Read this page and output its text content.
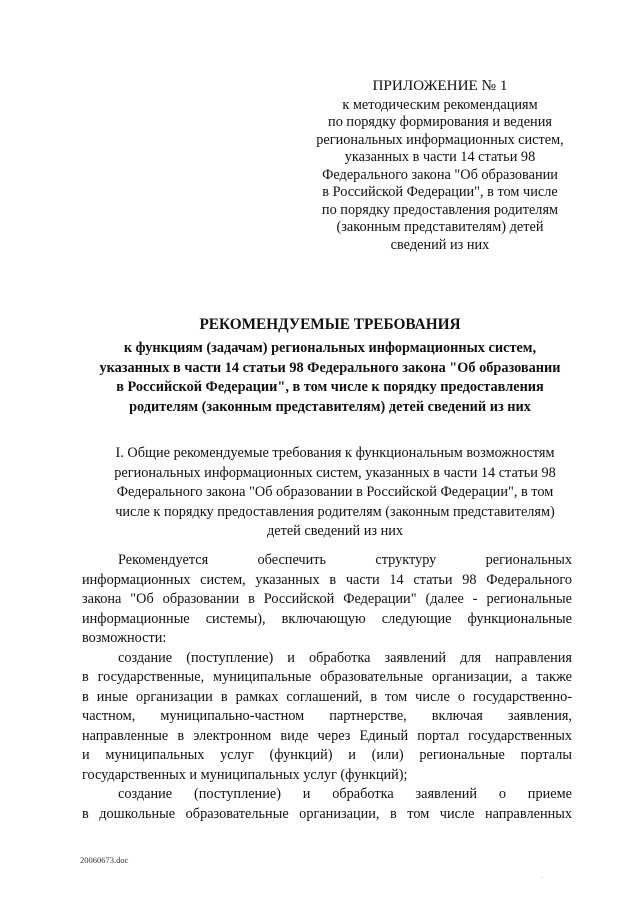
ПРИЛОЖЕНИЕ № 1
к методическим рекомендациям
по порядку формирования и ведения
региональных информационных систем,
указанных в части 14 статьи 98
Федерального закона "Об образовании
в Российской Федерации", в том числе
по порядку предоставления родителям
(законным представителям) детей
сведений из них
РЕКОМЕНДУЕМЫЕ ТРЕБОВАНИЯ
к функциям (задачам) региональных информационных систем,
указанных в части 14 статьи 98 Федерального закона "Об образовании
в Российской Федерации", в том числе к порядку предоставления
родителям (законным представителям) детей сведений из них
I. Общие рекомендуемые требования к функциональным возможностям
региональных информационных систем, указанных в части 14 статьи 98
Федерального закона "Об образовании в Российской Федерации", в том
числе к порядку предоставления родителям (законным представителям)
детей сведений из них
Рекомендуется обеспечить структуру региональных
информационных систем, указанных в части 14 статьи 98 Федерального
закона "Об образовании в Российской Федерации" (далее - региональные
информационные системы), включающую следующие функциональные
возможности:
создание (поступление) и обработка заявлений для направления
в государственные, муниципальные образовательные организации, а также
в иные организации в рамках соглашений, в том числе о государственно-
частном, муниципально-частном партнерстве, включая заявления,
направленные в электронном виде через Единый портал государственных
и муниципальных услуг (функций) и (или) региональные порталы
государственных и муниципальных услуг (функций);
создание (поступление) и обработка заявлений о приеме
в дошкольные образовательные организации, в том числе направленных
20060673.doc
.
